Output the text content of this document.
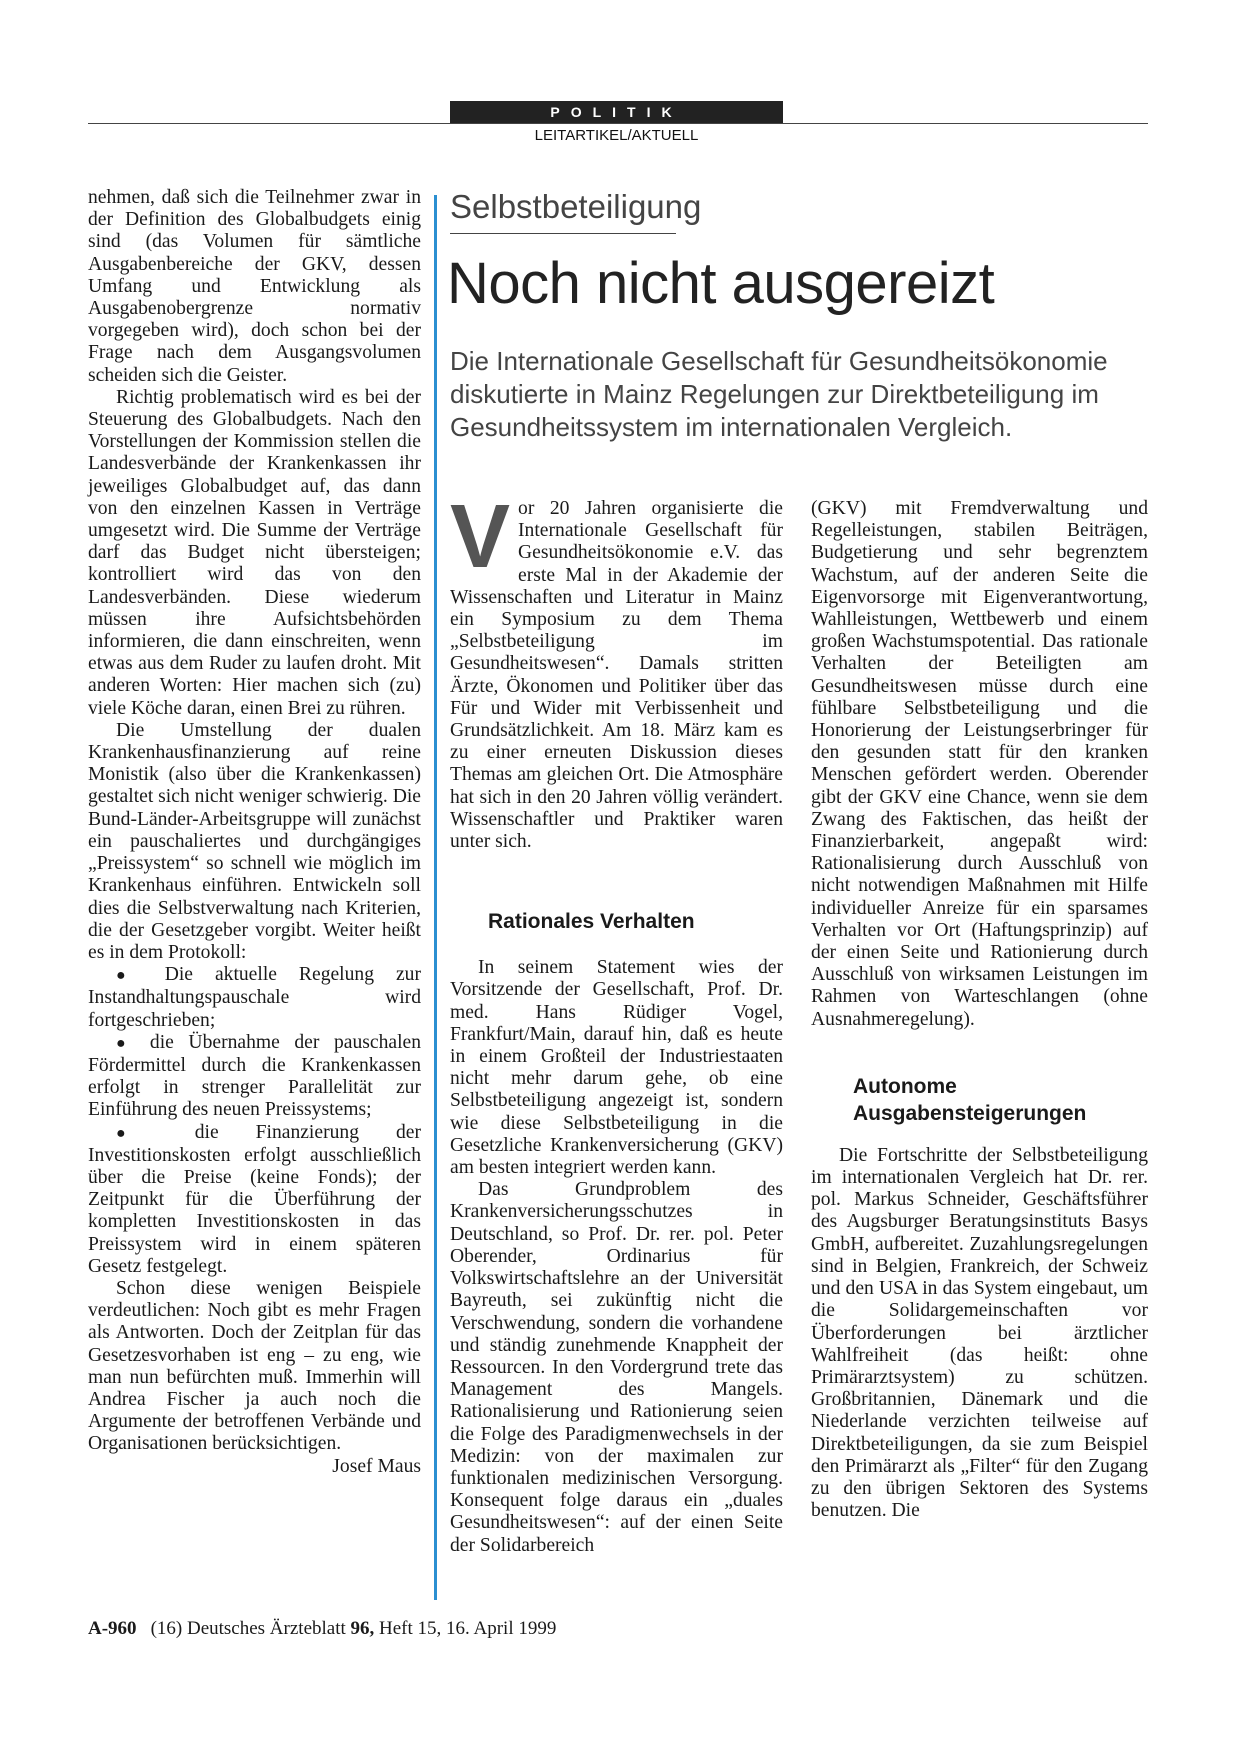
POLITIK
LEITARTIKEL/AKTUELL

nehmen, daß sich die Teilnehmer zwar in der Definition des Globalbudgets einig sind (das Volumen für sämtliche Ausgabenbereiche der GKV, dessen Umfang und Entwicklung als Ausgabenobergrenze normativ vorgegeben wird), doch schon bei der Frage nach dem Ausgangsvolumen scheiden sich die Geister.

Richtig problematisch wird es bei der Steuerung des Globalbudgets. Nach den Vorstellungen der Kommission stellen die Landesverbände der Krankenkassen ihr jeweiliges Globalbudget auf, das dann von den einzelnen Kassen in Verträge umgesetzt wird. Die Summe der Verträge darf das Budget nicht übersteigen; kontrolliert wird das von den Landesverbänden. Diese wiederum müssen ihre Aufsichtsbehörden informieren, die dann einschreiten, wenn etwas aus dem Ruder zu laufen droht. Mit anderen Worten: Hier machen sich (zu) viele Köche daran, einen Brei zu rühren.

Die Umstellung der dualen Krankenhausfinanzierung auf reine Monistik (also über die Krankenkassen) gestaltet sich nicht weniger schwierig. Die Bund-Länder-Arbeitsgruppe will zunächst ein pauschaliertes und durchgängiges „Preissystem“ so schnell wie möglich im Krankenhaus einführen. Entwickeln soll dies die Selbstverwaltung nach Kriterien, die der Gesetzgeber vorgibt. Weiter heißt es in dem Protokoll:

● Die aktuelle Regelung zur Instandhaltungspauschale wird fortgeschrieben;

● die Übernahme der pauschalen Fördermittel durch die Krankenkassen erfolgt in strenger Parallelität zur Einführung des neuen Preissystems;

● die Finanzierung der Investitionskosten erfolgt ausschließlich über die Preise (keine Fonds); der Zeitpunkt für die Überführung der kompletten Investitionskosten in das Preissystem wird in einem späteren Gesetz festgelegt.

Schon diese wenigen Beispiele verdeutlichen: Noch gibt es mehr Fragen als Antworten. Doch der Zeitplan für das Gesetzesvorhaben ist eng – zu eng, wie man nun befürchten muß. Immerhin will Andrea Fischer ja auch noch die Argumente der betroffenen Verbände und Organisationen berücksichtigen.

Josef Maus

Selbstbeteiligung
Noch nicht ausgereizt
Die Internationale Gesellschaft für Gesundheitsökonomie diskutierte in Mainz Regelungen zur Direktbeteiligung im Gesundheitssystem im internationalen Vergleich.

Vor 20 Jahren organisierte die Internationale Gesellschaft für Gesundheitsökonomie e.V. das erste Mal in der Akademie der Wissenschaften und Literatur in Mainz ein Symposium zu dem Thema „Selbstbeteiligung im Gesundheitswesen“. Damals stritten Ärzte, Ökonomen und Politiker über das Für und Wider mit Verbissenheit und Grundsätzlichkeit. Am 18. März kam es zu einer erneuten Diskussion dieses Themas am gleichen Ort. Die Atmosphäre hat sich in den 20 Jahren völlig verändert. Wissenschaftler und Praktiker waren unter sich.

Rationales Verhalten

In seinem Statement wies der Vorsitzende der Gesellschaft, Prof. Dr. med. Hans Rüdiger Vogel, Frankfurt/Main, darauf hin, daß es heute in einem Großteil der Industriestaaten nicht mehr darum gehe, ob eine Selbstbeteiligung angezeigt ist, sondern wie diese Selbstbeteiligung in die Gesetzliche Krankenversicherung (GKV) am besten integriert werden kann.

Das Grundproblem des Krankenversicherungsschutzes in Deutschland, so Prof. Dr. rer. pol. Peter Oberender, Ordinarius für Volkswirtschaftslehre an der Universität Bayreuth, sei zukünftig nicht die Verschwendung, sondern die vorhandene und ständig zunehmende Knappheit der Ressourcen. In den Vordergrund trete das Management des Mangels. Rationalisierung und Rationierung seien die Folge des Paradigmenwechsels in der Medizin: von der maximalen zur funktionalen medizinischen Versorgung. Konsequent folge daraus ein „duales Gesundheitswesen“: auf der einen Seite der Solidarbereich

(GKV) mit Fremdverwaltung und Regelleistungen, stabilen Beiträgen, Budgetierung und sehr begrenztem Wachstum, auf der anderen Seite die Eigenvorsorge mit Eigenverantwortung, Wahlleistungen, Wettbewerb und einem großen Wachstumspotential. Das rationale Verhalten der Beteiligten am Gesundheitswesen müsse durch eine fühlbare Selbstbeteiligung und die Honorierung der Leistungserbringer für den gesunden statt für den kranken Menschen gefördert werden. Oberender gibt der GKV eine Chance, wenn sie dem Zwang des Faktischen, das heißt der Finanzierbarkeit, angepaßt wird: Rationalisierung durch Ausschluß von nicht notwendigen Maßnahmen mit Hilfe individueller Anreize für ein sparsames Verhalten vor Ort (Haftungsprinzip) auf der einen Seite und Rationierung durch Ausschluß von wirksamen Leistungen im Rahmen von Warteschlangen (ohne Ausnahmeregelung).

Autonome
Ausgabensteigerungen

Die Fortschritte der Selbstbeteiligung im internationalen Vergleich hat Dr. rer. pol. Markus Schneider, Geschäftsführer des Augsburger Beratungsinstituts Basys GmbH, aufbereitet. Zuzahlungsregelungen sind in Belgien, Frankreich, der Schweiz und den USA in das System eingebaut, um die Solidargemeinschaften vor Überforderungen bei ärztlicher Wahlfreiheit (das heißt: ohne Primärarztsystem) zu schützen. Großbritannien, Dänemark und die Niederlande verzichten teilweise auf Direktbeteiligungen, da sie zum Beispiel den Primärarzt als „Filter“ für den Zugang zu den übrigen Sektoren des Systems benutzen. Die

A-960 (16) Deutsches Ärzteblatt 96, Heft 15, 16. April 1999
